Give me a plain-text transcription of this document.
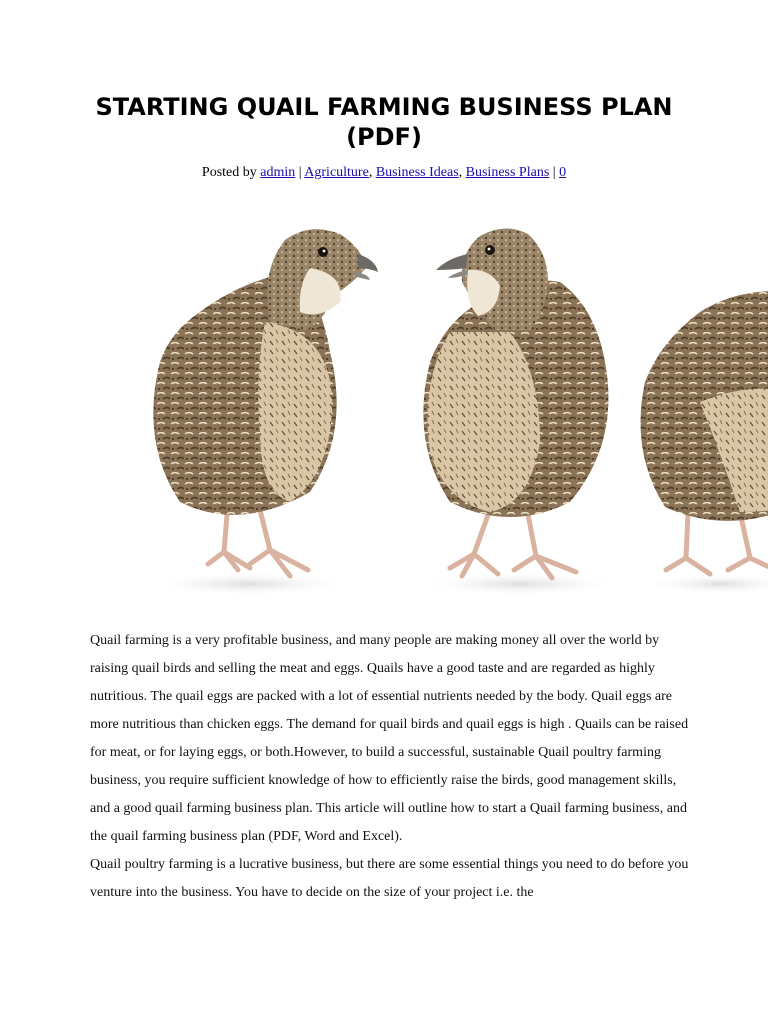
STARTING QUAIL FARMING BUSINESS PLAN (PDF)
Posted by admin | Agriculture, Business Ideas, Business Plans | 0

Quail farming is a very profitable business, and many people are making money all over the world by raising quail birds and selling the meat and eggs. Quails have a good taste and are regarded as highly nutritious. The quail eggs are packed with a lot of essential nutrients needed by the body. Quail eggs are more nutritious than chicken eggs. The demand for quail birds and quail eggs is high . Quails can be raised for meat, or for laying eggs, or both.However, to build a successful, sustainable Quail poultry farming business, you require sufficient knowledge of how to efficiently raise the birds, good management skills, and a good quail farming business plan. This article will outline how to start a Quail farming business, and the quail farming business plan (PDF, Word and Excel).

Quail poultry farming is a lucrative business, but there are some essential things you need to do before you venture into the business. You have to decide on the size of your project i.e. the
